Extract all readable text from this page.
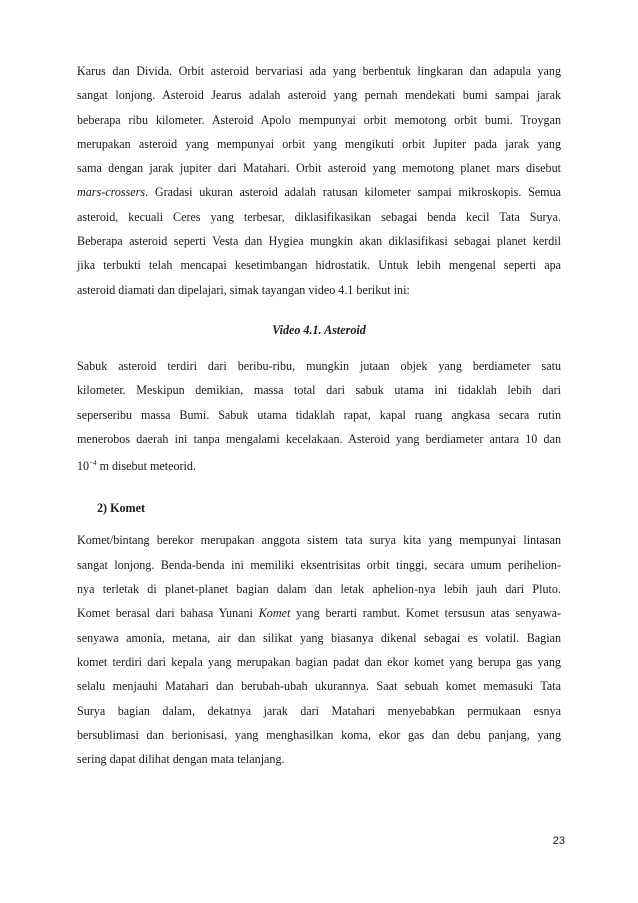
Karus dan Divida. Orbit asteroid bervariasi ada yang berbentuk lingkaran dan adapula yang

sangat lonjong. Asteroid Jearus adalah asteroid yang pernah mendekati bumi sampai jarak

beberapa ribu kilometer. Asteroid Apolo mempunyai orbit memotong orbit bumi. Troygan

merupakan asteroid yang mempunyai orbit yang mengikuti orbit Jupiter pada jarak yang

sama dengan jarak jupiter dari Matahari. Orbit asteroid yang memotong planet mars disebut

mars-crossers. Gradasi ukuran asteroid adalah ratusan kilometer sampai mikroskopis. Semua

asteroid, kecuali Ceres yang terbesar, diklasifikasikan sebagai benda kecil Tata Surya.

Beberapa asteroid seperti Vesta dan Hygiea mungkin akan diklasifikasi sebagai planet kerdil

jika terbukti telah mencapai kesetimbangan hidrostatik. Untuk lebih mengenal seperti apa

asteroid diamati dan dipelajari, simak tayangan video 4.1 berikut ini:

Video 4.1. Asteroid

Sabuk asteroid terdiri dari beribu-ribu, mungkin jutaan objek yang berdiameter satu

kilometer. Meskipun demikian, massa total dari sabuk utama ini tidaklah lebih dari

seperseribu massa Bumi. Sabuk utama tidaklah rapat, kapal ruang angkasa secara rutin

menerobos daerah ini tanpa mengalami kecelakaan. Asteroid yang berdiameter antara 10 dan

$10^{-4}$ m disebut meteorid.

2) Komet

Komet/bintang berekor merupakan anggota sistem tata surya kita yang mempunyai lintasan

sangat lonjong. Benda-benda ini memiliki eksentrisitas orbit tinggi, secara umum perihelion-

nya terletak di planet-planet bagian dalam dan letak aphelion-nya lebih jauh dari Pluto.

Komet berasal dari bahasa Yunani Komet yang berarti rambut. Komet tersusun atas senyawa-

senyawa amonia, metana, air dan silikat yang biasanya dikenal sebagai es volatil. Bagian

komet terdiri dari kepala yang merupakan bagian padat dan ekor komet yang berupa gas yang

selalu menjauhi Matahari dan berubah-ubah ukurannya. Saat sebuah komet memasuki Tata

Surya bagian dalam, dekatnya jarak dari Matahari menyebabkan permukaan esnya

bersublimasi dan berionisasi, yang menghasilkan koma, ekor gas dan debu panjang, yang

sering dapat dilihat dengan mata telanjang.

23
